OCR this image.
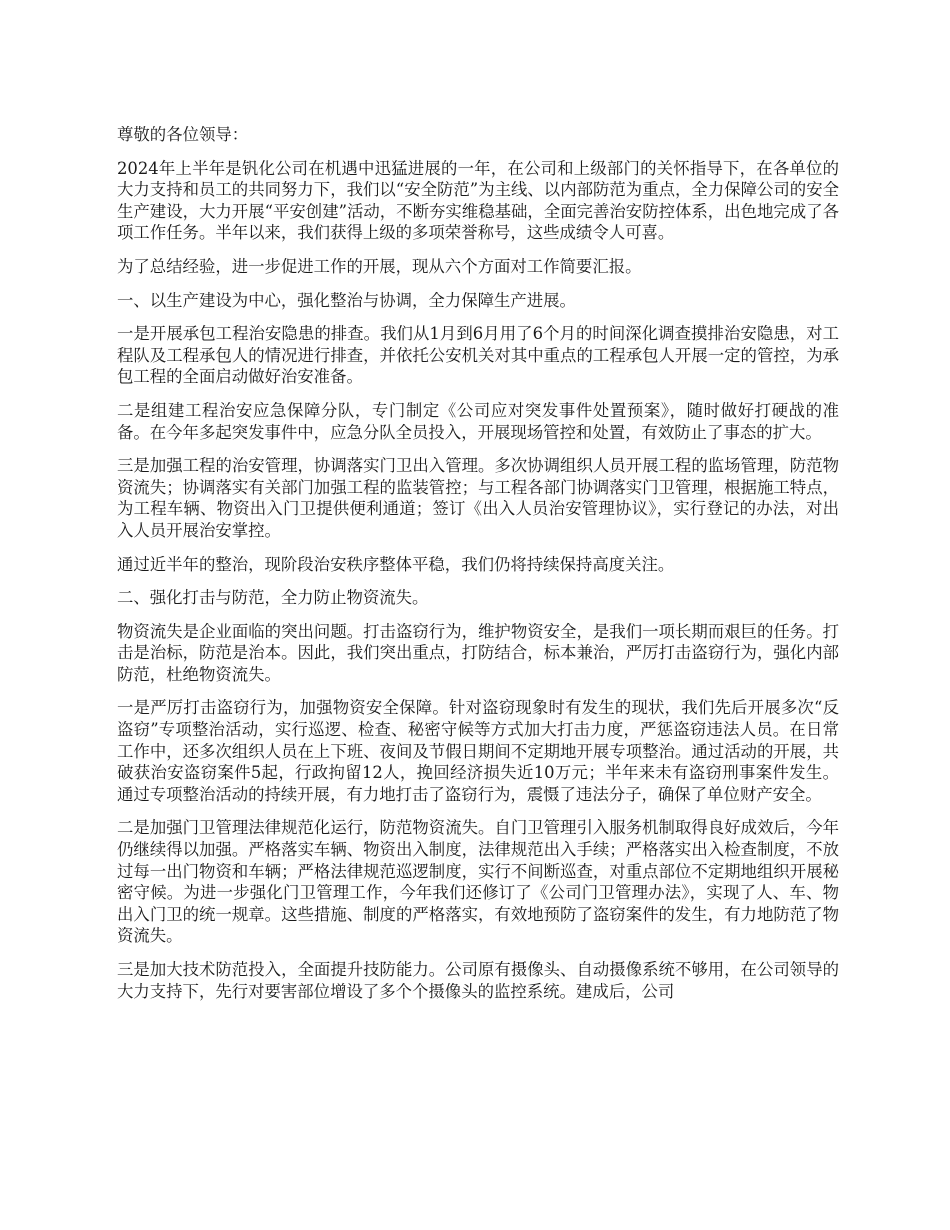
尊敬的各位领导：

2024年上半年是钒化公司在机遇中迅猛进展的一年，在公司和上级部门的关怀指导下，在各单位的大力支持和员工的共同努力下，我们以“安全防范”为主线、以内部防范为重点，全力保障公司的安全生产建设，大力开展“平安创建”活动，不断夯实维稳基础，全面完善治安防控体系，出色地完成了各项工作任务。半年以来，我们获得上级的多项荣誉称号，这些成绩令人可喜。

为了总结经验，进一步促进工作的开展，现从六个方面对工作简要汇报。

一、以生产建设为中心，强化整治与协调，全力保障生产进展。

一是开展承包工程治安隐患的排查。我们从1月到6月用了6个月的时间深化调查摸排治安隐患，对工程队及工程承包人的情况进行排查，并依托公安机关对其中重点的工程承包人开展一定的管控，为承包工程的全面启动做好治安准备。

二是组建工程治安应急保障分队，专门制定《公司应对突发事件处置预案》，随时做好打硬战的准备。在今年多起突发事件中，应急分队全员投入，开展现场管控和处置，有效防止了事态的扩大。

三是加强工程的治安管理，协调落实门卫出入管理。多次协调组织人员开展工程的监场管理，防范物资流失；协调落实有关部门加强工程的监装管控；与工程各部门协调落实门卫管理，根据施工特点，为工程车辆、物资出入门卫提供便利通道；签订《出入人员治安管理协议》，实行登记的办法，对出入人员开展治安掌控。

通过近半年的整治，现阶段治安秩序整体平稳，我们仍将持续保持高度关注。

二、强化打击与防范，全力防止物资流失。

物资流失是企业面临的突出问题。打击盗窃行为，维护物资安全，是我们一项长期而艰巨的任务。打击是治标，防范是治本。因此，我们突出重点，打防结合，标本兼治，严厉打击盗窃行为，强化内部防范，杜绝物资流失。

一是严厉打击盗窃行为，加强物资安全保障。针对盗窃现象时有发生的现状，我们先后开展多次“反盗窃”专项整治活动，实行巡逻、检查、秘密守候等方式加大打击力度，严惩盗窃违法人员。在日常工作中，还多次组织人员在上下班、夜间及节假日期间不定期地开展专项整治。通过活动的开展，共破获治安盗窃案件5起，行政拘留12人，挽回经济损失近10万元；半年来未有盗窃刑事案件发生。通过专项整治活动的持续开展，有力地打击了盗窃行为，震慑了违法分子，确保了单位财产安全。

二是加强门卫管理法律规范化运行，防范物资流失。自门卫管理引入服务机制取得良好成效后，今年仍继续得以加强。严格落实车辆、物资出入制度，法律规范出入手续；严格落实出入检查制度，不放过每一出门物资和车辆；严格法律规范巡逻制度，实行不间断巡查，对重点部位不定期地组织开展秘密守候。为进一步强化门卫管理工作，今年我们还修订了《公司门卫管理办法》，实现了人、车、物出入门卫的统一规章。这些措施、制度的严格落实，有效地预防了盗窃案件的发生，有力地防范了物资流失。

三是加大技术防范投入，全面提升技防能力。公司原有摄像头、自动摄像系统不够用，在公司领导的大力支持下，先行对要害部位增设了多个个摄像头的监控系统。建成后，公司
